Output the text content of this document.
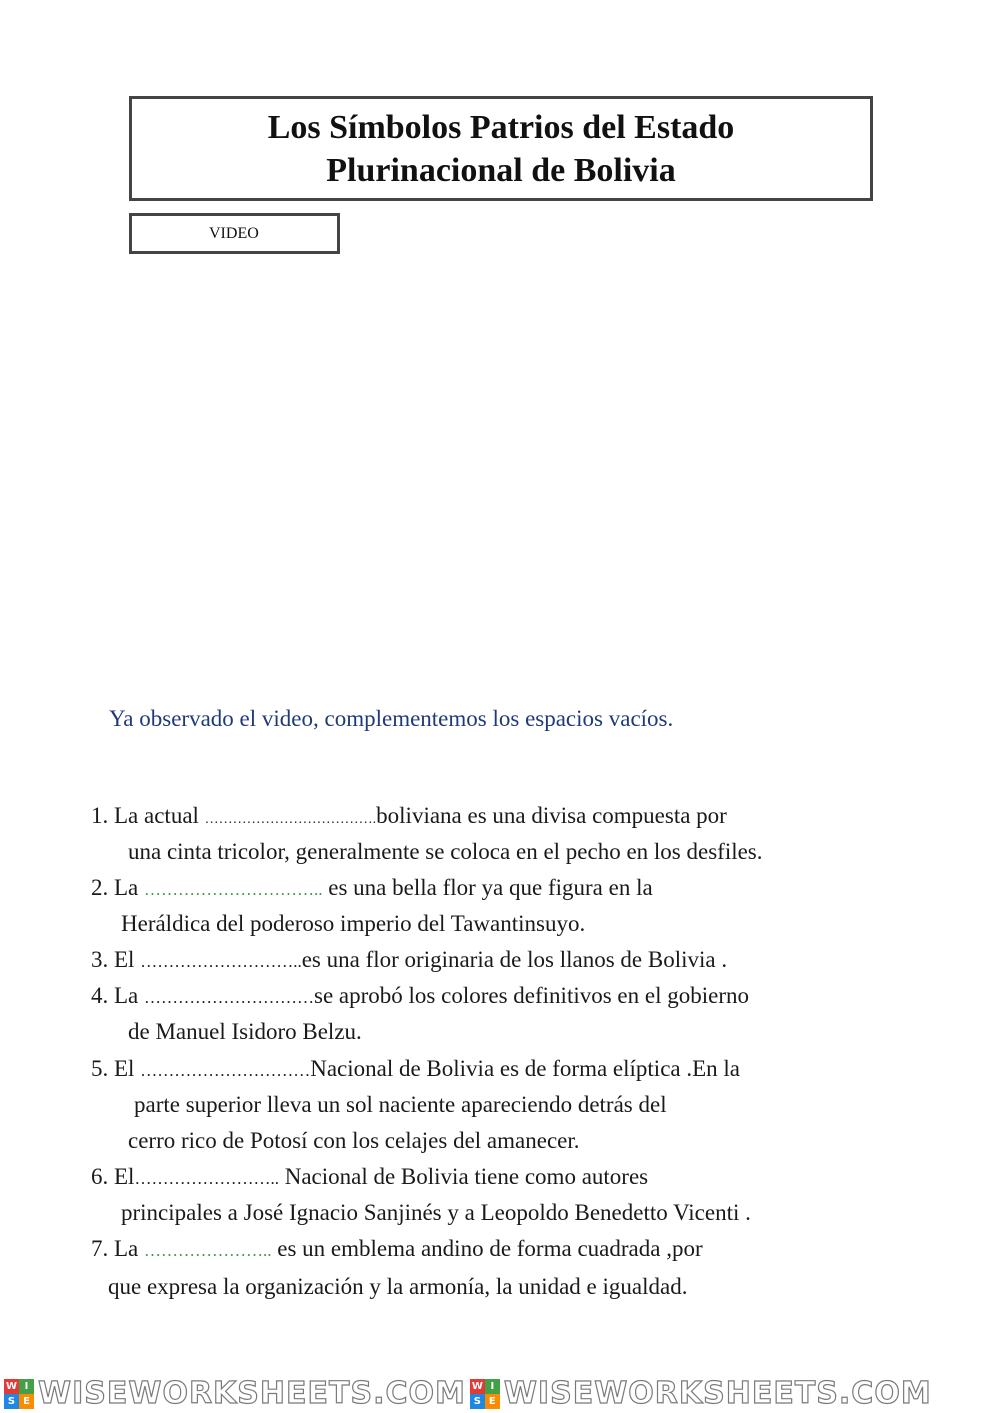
Los Símbolos Patrios del Estado
Plurinacional de Bolivia
VIDEO

Ya observado el video, complementemos los espacios vacíos.

1. La actual ……………………………….boliviana es una divisa compuesta por
una cinta tricolor, generalmente se coloca en el pecho en los desfiles.
2. La ………………………….. es una bella flor ya que figura en la
Heráldica del poderoso imperio del Tawantinsuyo.
3. El ………………………..es una flor originaria de los llanos de Bolivia .
4. La …………………………se aprobó los colores definitivos en el gobierno
de Manuel Isidoro Belzu.
5. El …………………………Nacional de Bolivia es de forma elíptica .En la
parte superior lleva un sol naciente apareciendo detrás del
cerro rico de Potosí con los celajes del amanecer.
6. El…………………….. Nacional de Bolivia tiene como autores
principales a José Ignacio Sanjinés y a Leopoldo Benedetto Vicenti .
7. La ………………….. es un emblema andino de forma cuadrada ,por
que expresa la organización y la armonía, la unidad e igualdad.
W I
S E WISEWORKSHEETS.COM W I
S E WISEWORKSHEETS.COM
